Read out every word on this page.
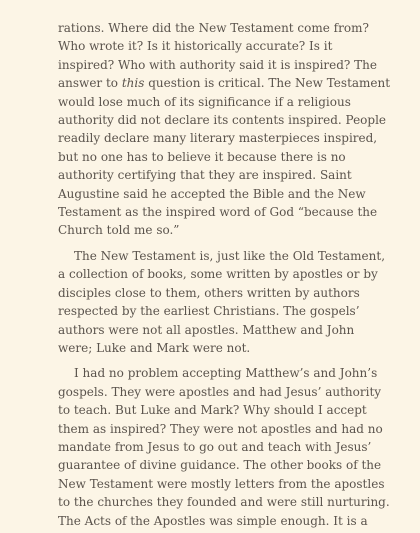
rations. Where did the New Testament come from?
Who wrote it? Is it historically accurate? Is it
inspired? Who with authority said it is inspired? The
answer to this question is critical. The New Testament
would lose much of its significance if a religious
authority did not declare its contents inspired. People
readily declare many literary masterpieces inspired,
but no one has to believe it because there is no
authority certifying that they are inspired. Saint
Augustine said he accepted the Bible and the New
Testament as the inspired word of God “because the
Church told me so.”

The New Testament is, just like the Old Testament,
a collection of books, some written by apostles or by
disciples close to them, others written by authors
respected by the earliest Christians. The gospels’
authors were not all apostles. Matthew and John
were; Luke and Mark were not.

I had no problem accepting Matthew’s and John’s
gospels. They were apostles and had Jesus’ authority
to teach. But Luke and Mark? Why should I accept
them as inspired? They were not apostles and had no
mandate from Jesus to go out and teach with Jesus’
guarantee of divine guidance. The other books of the
New Testament were mostly letters from the apostles
to the churches they founded and were still nurturing.
The Acts of the Apostles was simple enough. It is a
